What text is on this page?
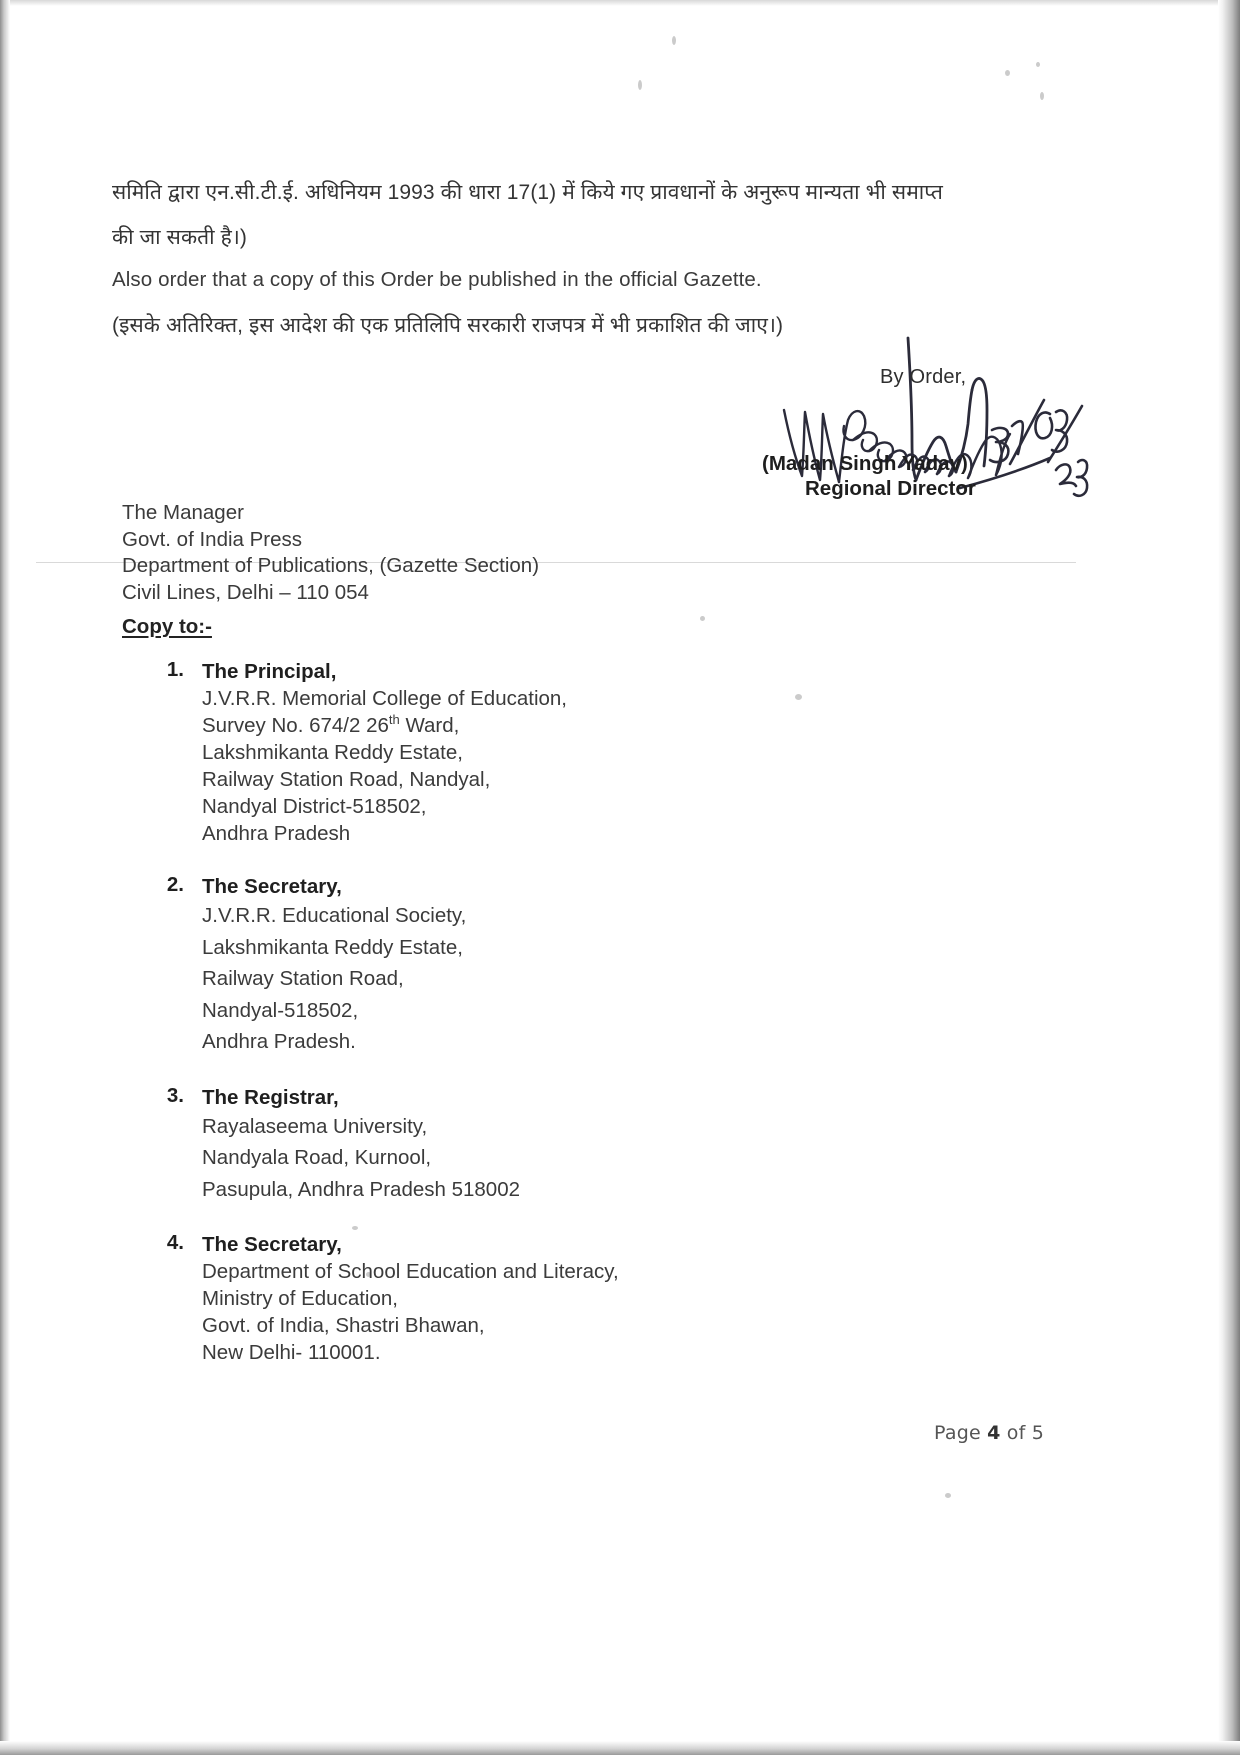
समिति द्वारा एन.सी.टी.ई. अधिनियम 1993 की धारा 17(1) में किये गए प्रावधानों के अनुरूप मान्यता भी समाप्त
की जा सकती है।)
Also order that a copy of this Order be published in the official Gazette.
(इसके अतिरिक्त, इस आदेश की एक प्रतिलिपि सरकारी राजपत्र में भी प्रकाशित की जाए।)
By Order,
(Madan Singh Yadav)
Regional Director
The Manager
Govt. of India Press
Department of Publications, (Gazette Section)
Civil Lines, Delhi – 110 054
Copy to:-
1. The Principal,
J.V.R.R. Memorial College of Education,
Survey No. 674/2 26th Ward,
Lakshmikanta Reddy Estate,
Railway Station Road, Nandyal,
Nandyal District-518502,
Andhra Pradesh
2. The Secretary,
J.V.R.R. Educational Society,
Lakshmikanta Reddy Estate,
Railway Station Road,
Nandyal-518502,
Andhra Pradesh.
3. The Registrar,
Rayalaseema University,
Nandyala Road, Kurnool,
Pasupula, Andhra Pradesh 518002
4. The Secretary,
Department of School Education and Literacy,
Ministry of Education,
Govt. of India, Shastri Bhawan,
New Delhi- 110001.
Page 4 of 5
